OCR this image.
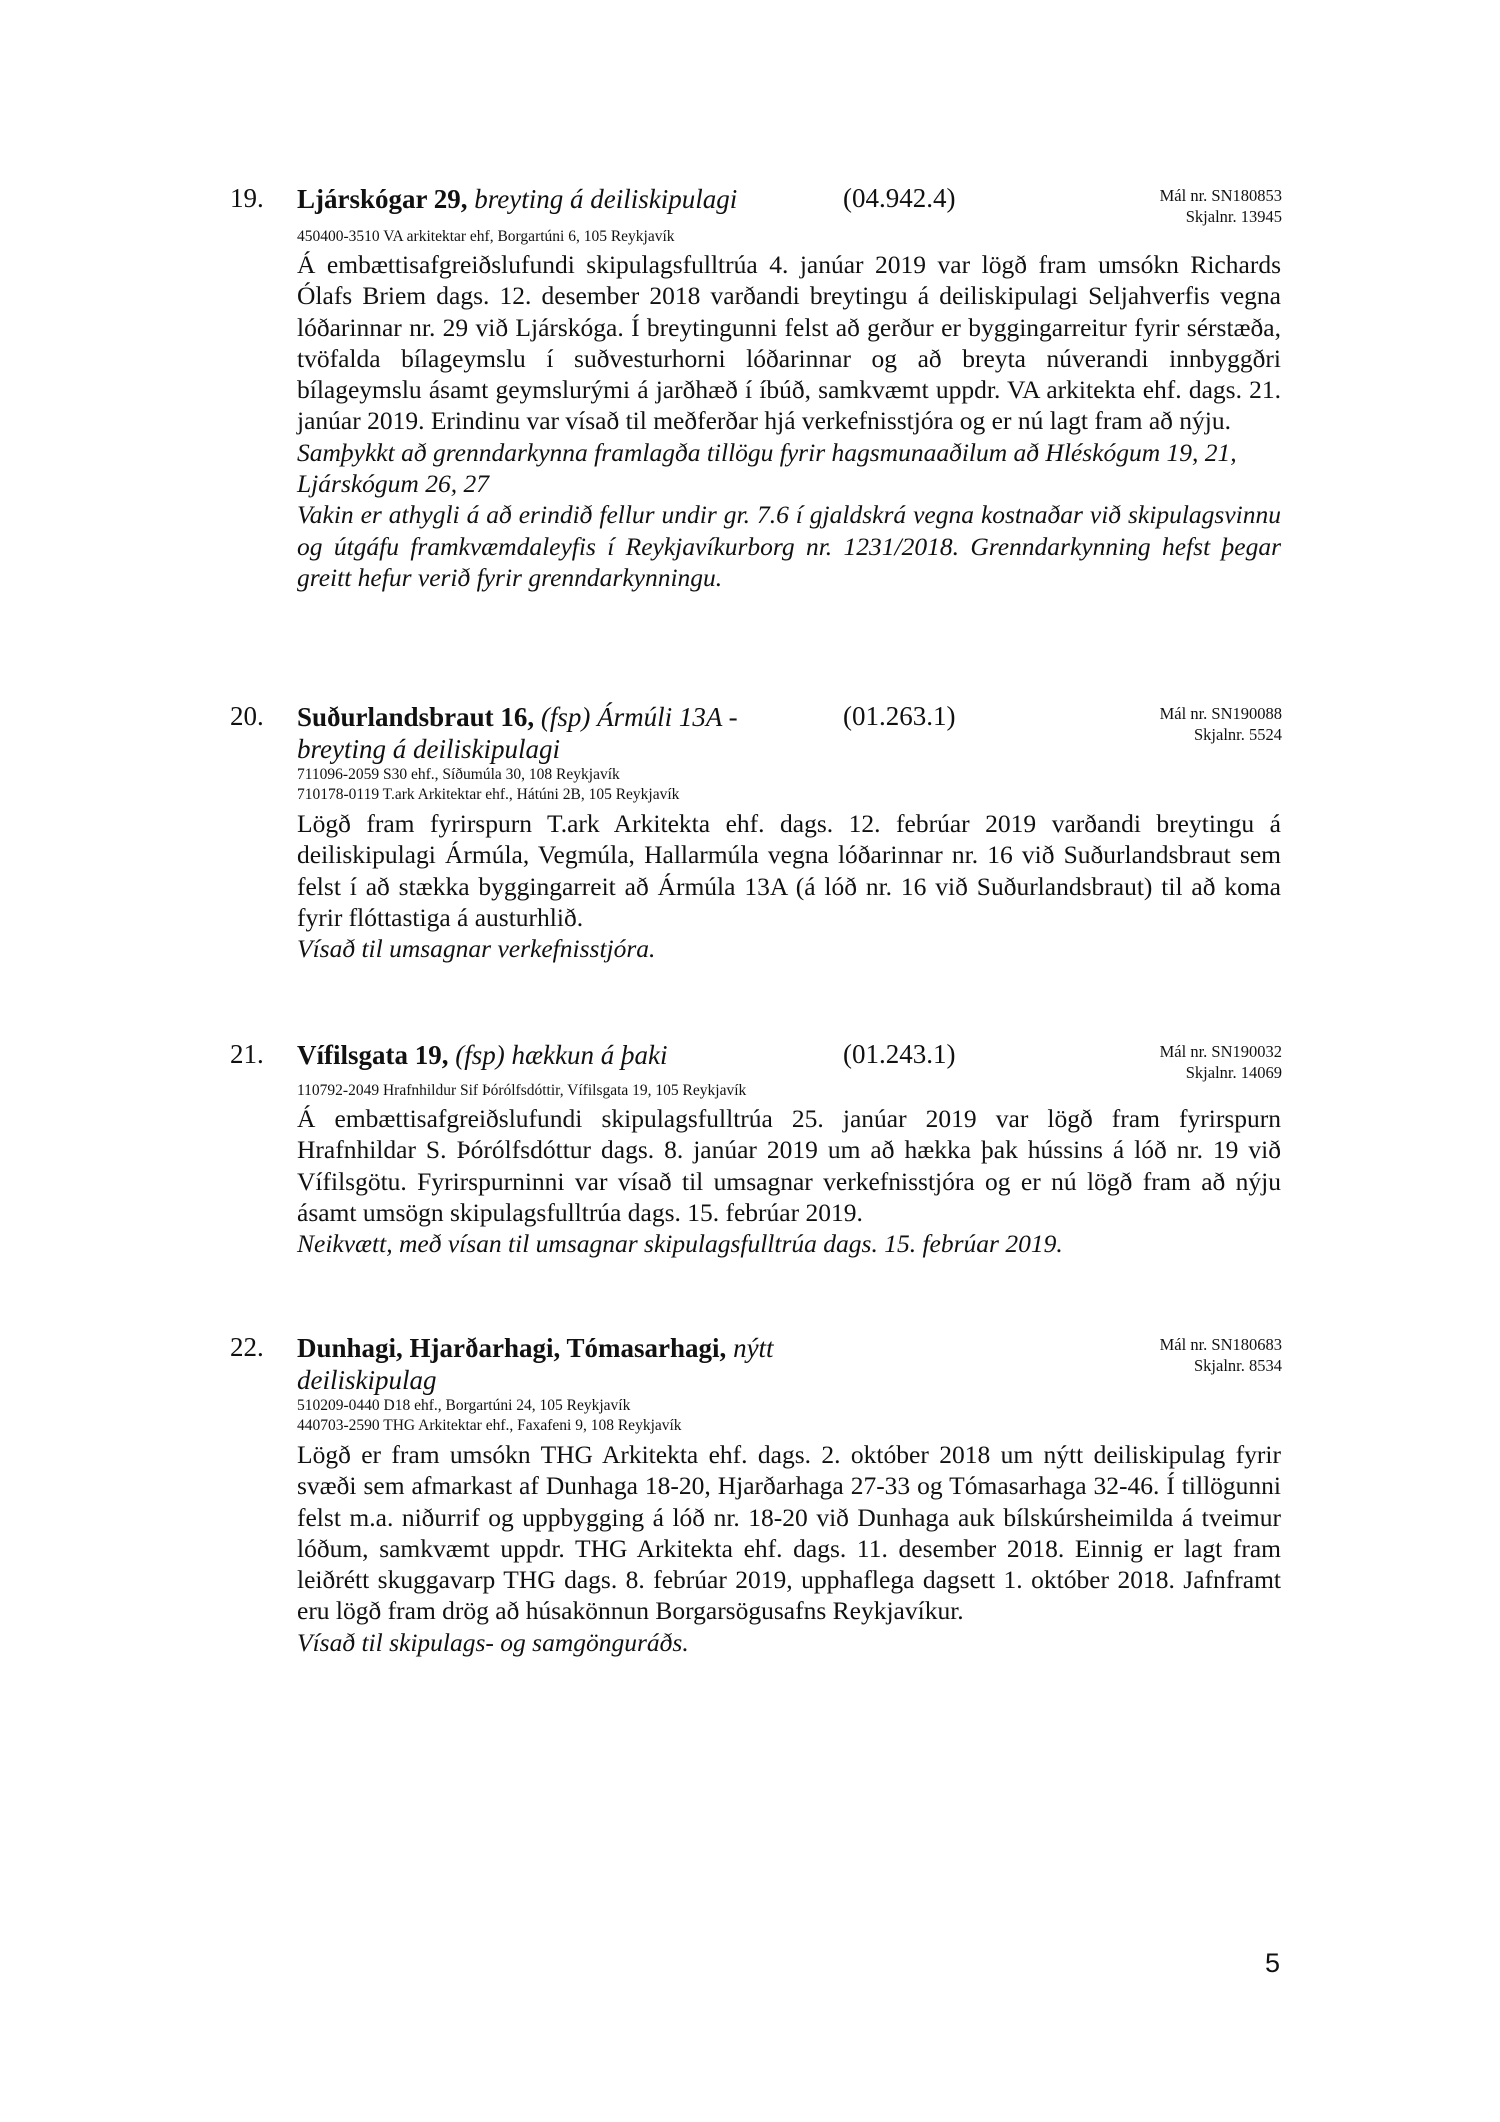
19. Ljárskógar 29, breyting á deiliskipulagi	(04.942.4)	Mál nr. SN180853
Skjalnr. 13945
450400-3510 VA arkitektar ehf, Borgartúni 6, 105 Reykjavík

Á embættisafgreiðslufundi skipulagsfulltrúa 4. janúar 2019 var lögð fram umsókn Richards Ólafs Briem dags. 12. desember 2018 varðandi breytingu á deiliskipulagi Seljahverfis vegna lóðarinnar nr. 29 við Ljárskóga. Í breytingunni felst að gerður er byggingarreitur fyrir sérstæða, tvöfalda bílageymslu í suðvesturhorni lóðarinnar og að breyta núverandi innbyggðri bílageymslu ásamt geymslurými á jarðhæð í íbúð, samkvæmt uppdr. VA arkitekta ehf. dags. 21. janúar 2019. Erindinu var vísað til meðferðar hjá verkefnisstjóra og er nú lagt fram að nýju.

Samþykkt að grenndarkynna framlagða tillögu fyrir hagsmunaaðilum að Hléskógum 19, 21, Ljárskógum 26, 27

Vakin er athygli á að erindið fellur undir gr. 7.6 í gjaldskrá vegna kostnaðar við skipulagsvinnu og útgáfu framkvæmdaleyfis í Reykjavíkurborg nr. 1231/2018. Grenndarkynning hefst þegar greitt hefur verið fyrir grenndarkynningu.

20. Suðurlandsbraut 16, (fsp) Ármúli 13A - breyting á deiliskipulagi
(01.263.1)	Mál nr. SN190088
Skjalnr. 5524
711096-2059 S30 ehf., Síðumúla 30, 108 Reykjavík
710178-0119 T.ark Arkitektar ehf., Hátúni 2B, 105 Reykjavík

Lögð fram fyrirspurn T.ark Arkitekta ehf. dags. 12. febrúar 2019 varðandi breytingu á deiliskipulagi Ármúla, Vegmúla, Hallarmúla vegna lóðarinnar nr. 16 við Suðurlandsbraut sem felst í að stækka byggingarreit að Ármúla 13A (á lóð nr. 16 við Suðurlandsbraut) til að koma fyrir flóttastiga á austurhlið.

Vísað til umsagnar verkefnisstjóra.

21. Vífilsgata 19, (fsp) hækkun á þaki	(01.243.1)	Mál nr. SN190032
Skjalnr. 14069
110792-2049 Hrafnhildur Sif Þórólfsdóttir, Vífilsgata 19, 105 Reykjavík

Á embættisafgreiðslufundi skipulagsfulltrúa 25. janúar 2019 var lögð fram fyrirspurn Hrafnhildar S. Þórólfsdóttur dags. 8. janúar 2019 um að hækka þak hússins á lóð nr. 19 við Vífilsgötu. Fyrirspurninni var vísað til umsagnar verkefnisstjóra og er nú lögð fram að nýju ásamt umsögn skipulagsfulltrúa dags. 15. febrúar 2019.

Neikvætt, með vísan til umsagnar skipulagsfulltrúa dags. 15. febrúar 2019.

22. Dunhagi, Hjarðarhagi, Tómasarhagi, nýtt deiliskipulag
Mál nr. SN180683
Skjalnr. 8534
510209-0440 D18 ehf., Borgartúni 24, 105 Reykjavík
440703-2590 THG Arkitektar ehf., Faxafeni 9, 108 Reykjavík

Lögð er fram umsókn THG Arkitekta ehf. dags. 2. október 2018 um nýtt deiliskipulag fyrir svæði sem afmarkast af Dunhaga 18-20, Hjarðarhaga 27-33 og Tómasarhaga 32-46. Í tillögunni felst m.a. niðurrif og uppbygging á lóð nr. 18-20 við Dunhaga auk bílskúrsheimilda á tveimur lóðum, samkvæmt uppdr. THG Arkitekta ehf. dags. 11. desember 2018. Einnig er lagt fram leiðrétt skuggavarp THG dags. 8. febrúar 2019, upphaflega dagsett 1. október 2018. Jafnframt eru lögð fram drög að húsakönnun Borgarsögusafns Reykjavíkur.

Vísað til skipulags- og samgönguráðs.

5
